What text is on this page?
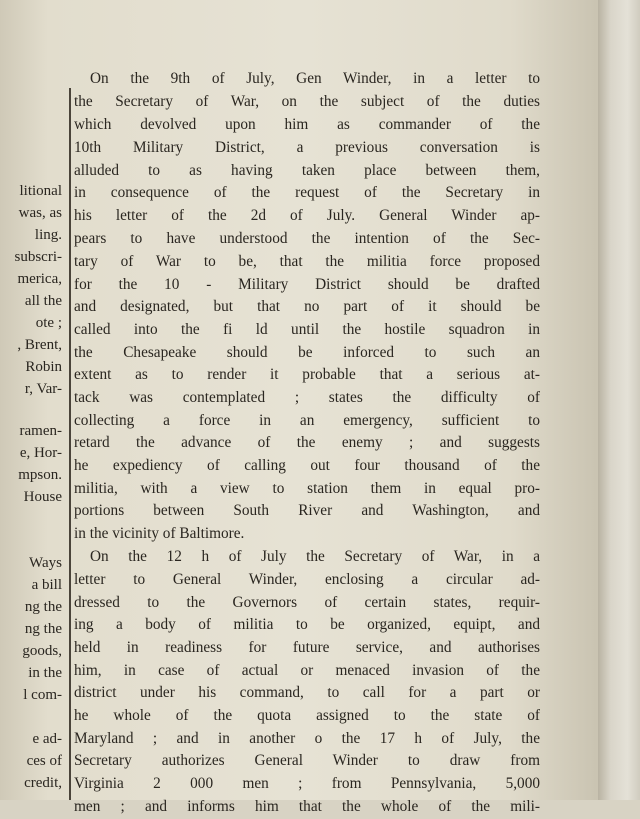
litional
was, as
ling.
subscri-
merica,
all the
ote ;
, Brent,
Robin
r, Var-
ramen-
e, Hor-
mpson.
House
Ways
a bill
ng the
ng the
goods,
in the
l com-
e ad-
ces of
credit,
On the 9th of July, Gen Winder, in a letter to
the Secretary of War, on the subject of the duties
which devolved upon him as commander of the
10th Military District, a previous conversation is
alluded to as having taken place between them,
in consequence of the request of the Secretary in
his letter of the 2d of July. General Winder ap-
pears to have understood the intention of the Sec-
tary of War to be, that the militia force proposed
for the 10 - Military District should be drafted
and designated, but that no part of it should be
called into the fi ld until the hostile squadron in
the Chesapeake should be inforced to such an
extent as to render it probable that a serious at-
tack was contemplated ; states the difficulty of
collecting a force in an emergency, sufficient to
retard the advance of the enemy ; and suggests
he expediency of calling out four thousand of the
militia, with a view to station them in equal pro-
portions between South River and Washington, and
in the vicinity of Baltimore.
On the 12 h of July the Secretary of War, in a
letter to General Winder, enclosing a circular ad-
dressed to the Governors of certain states, requir-
ing a body of militia to be organized, equipt, and
held in readiness for future service, and authorises
him, in case of actual or menaced invasion of the
district under his command, to call for a part or
he whole of the quota assigned to the state of
Maryland ; and in another o the 17 h of July, the
Secretary authorizes General Winder to draw from
Virginia 2 000 men ; from Pennsylvania, 5,000
men ; and informs him that the whole of the mili-
